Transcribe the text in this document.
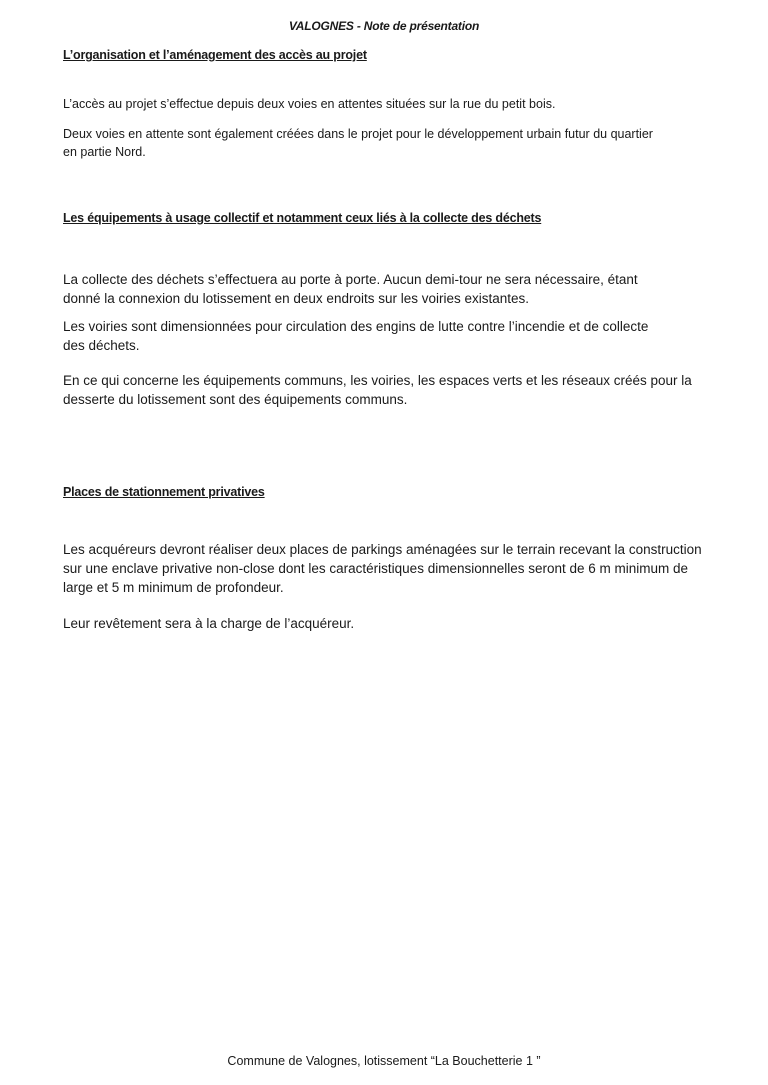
VALOGNES - Note de présentation
L’organisation et l’aménagement des accès au projet
L’accès au projet s’effectue depuis deux voies en attentes situées sur la rue du petit bois.
Deux voies en attente sont également créées dans le projet pour le développement urbain futur du quartier
en partie Nord.
Les équipements à usage collectif et notamment ceux liés à la collecte des déchets
La collecte des déchets s’effectuera au porte à porte. Aucun demi-tour ne sera nécessaire, étant
donné la connexion du lotissement en deux endroits sur les voiries existantes.
Les voiries sont dimensionnées pour circulation des engins de lutte contre l’incendie et de collecte
des déchets.
En ce qui concerne les équipements communs, les voiries, les espaces verts et les réseaux créés pour la
desserte du lotissement sont des équipements communs.
Places de stationnement privatives
Les acquéreurs devront réaliser deux places de parkings aménagées sur le terrain recevant la construction
sur une enclave privative non-close dont les caractéristiques dimensionnelles seront de 6 m minimum de
large et 5 m minimum de profondeur.
Leur revêtement sera à la charge de l’acquéreur.
Commune de Valognes, lotissement “La Bouchetterie 1 ”
